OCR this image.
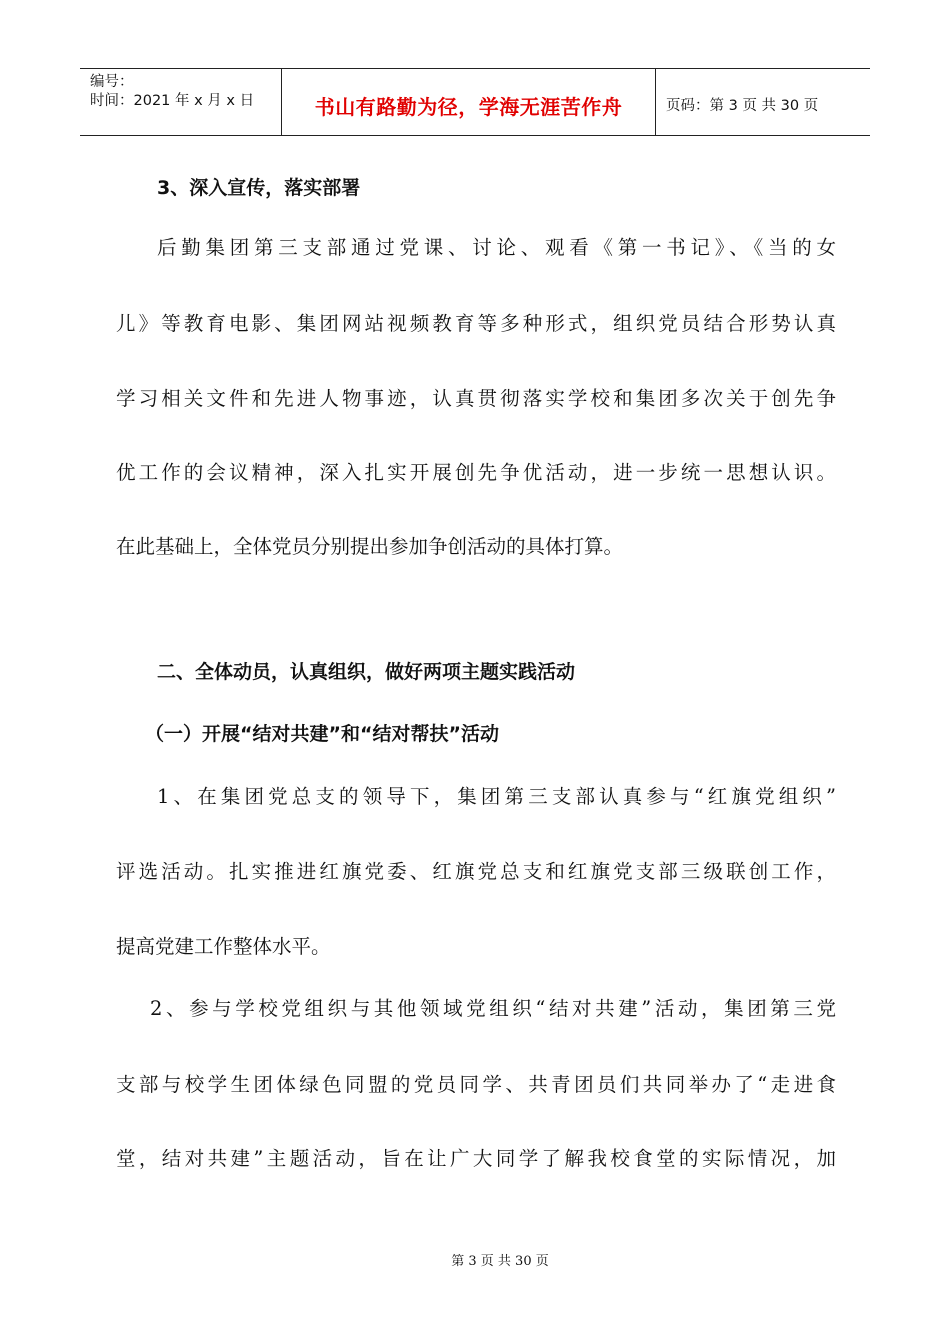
编号：
时间：2021 年 x 月 x 日	书山有路勤为径，学海无涯苦作舟	页码：第 3 页 共 30 页
3、深入宣传，落实部署
后勤集团第三支部通过党课、讨论、观看《第一书记》、《当的女
儿》等教育电影、集团网站视频教育等多种形式，组织党员结合形势认真
学习相关文件和先进人物事迹，认真贯彻落实学校和集团多次关于创先争
优工作的会议精神，深入扎实开展创先争优活动，进一步统一思想认识。
在此基础上，全体党员分别提出参加争创活动的具体打算。
二、全体动员，认真组织，做好两项主题实践活动
（一）开展“结对共建”和“结对帮扶”活动
1、在集团党总支的领导下，集团第三支部认真参与“红旗党组织”
评选活动。扎实推进红旗党委、红旗党总支和红旗党支部三级联创工作，
提高党建工作整体水平。
2、参与学校党组织与其他领域党组织“结对共建”活动，集团第三党
支部与校学生团体绿色同盟的党员同学、共青团员们共同举办了“走进食
堂，结对共建”主题活动，旨在让广大同学了解我校食堂的实际情况，加
第 3 页 共 30 页
